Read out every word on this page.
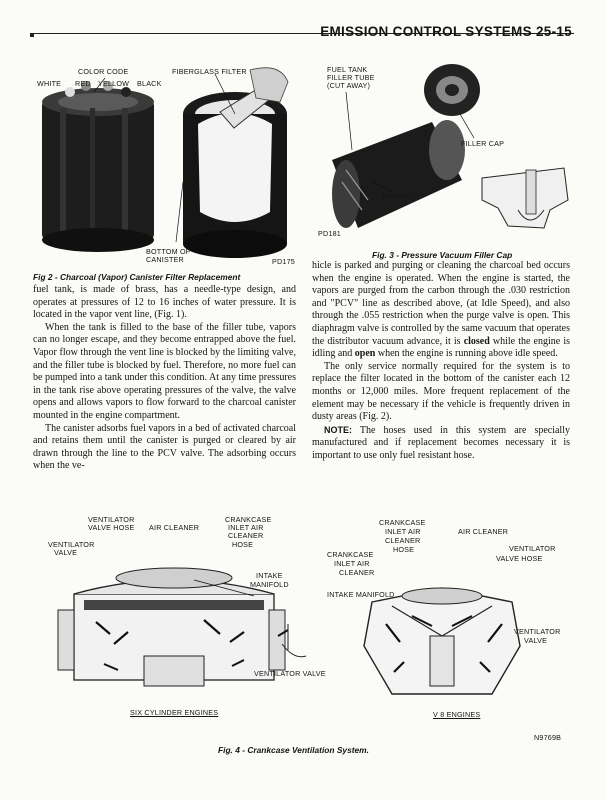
EMISSION CONTROL SYSTEMS 25-15
COLOR CODE
WHITE RED YELLOW BLACK
FIBERGLASS FILTER
BOTTOM OF
CANISTER	PD175
Fig 2 - Charcoal (Vapor) Canister Filter Replacement
FUEL TANK
FILLER TUBE
(CUT AWAY)
FILLER CAP
BAFFLE
PD181
Fig. 3 - Pressure Vacuum Filler Cap

fuel tank, is made of brass, has a needle-type design, and operates at pressures of 12 to 16 inches of water pressure. It is located in the vapor vent line, (Fig. 1).

When the tank is filled to the base of the filler tube, vapors can no longer escape, and they become entrapped above the fuel. Vapor flow through the vent line is blocked by the limiting valve, and the filler tube is blocked by fuel. Therefore, no more fuel can be pumped into a tank under this condition. At any time pressures in the tank rise above operating pressures of the valve, the valve opens and allows vapors to flow forward to the charcoal canister mounted in the engine compartment.

The canister adsorbs fuel vapors in a bed of activated charcoal and retains them until the canister is purged or cleared by air drawn through the line to the PCV valve. The adsorbing occurs when the ve-

hicle is parked and purging or cleaning the charcoal bed occurs when the engine is operated. When the engine is started, the vapors are purged from the carbon through the .030 restriction and "PCV" line as described above, (at Idle Speed), and also through the .055 restriction when the purge valve is open. This diaphragm valve is controlled by the same vacuum that operates the distributor vacuum advance, it is closed while the engine is idling and open when the engine is running above idle speed.

The only service normally required for the system is to replace the filter located in the bottom of the canister each 12 months or 12,000 miles. More frequent replacement of the element may be necessary if the vehicle is frequently driven in dusty areas (Fig. 2).

NOTE: The hoses used in this system are specially manufactured and if replacement becomes necessary it is important to use only fuel resistant hose.

VENTILATOR
VALVE HOSE AIR CLEANER
CRANKCASE
INLET AIR
CLEANER
HOSE
VENTILATOR
VALVE
INTAKE
MANIFOLD
VENTILATOR VALVE
SIX CYLINDER ENGINES
CRANKCASE
INLET AIR
CLEANER
HOSE
AIR CLEANER
CRANKCASE
INLET AIR
CLEANER
VENTILATOR
VALVE HOSE
INTAKE MANIFOLD
VENTILATOR
VALVE
V 8 ENGINES
N9769B
Fig. 4 - Crankcase Ventilation System.
